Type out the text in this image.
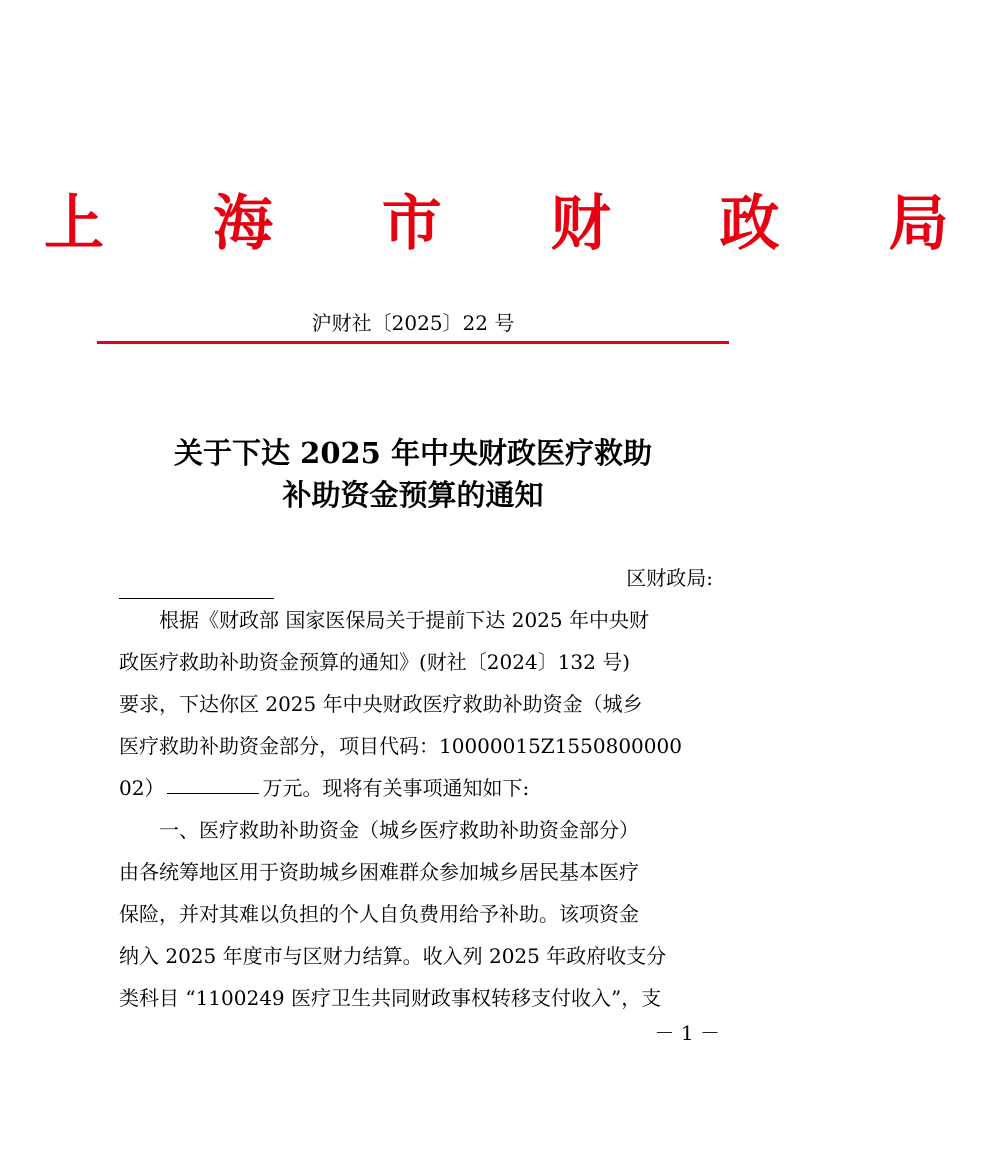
上 海 市 财 政 局
沪财社〔2025〕22 号
关于下达 2025 年中央财政医疗救助
补助资金预算的通知
区财政局:
根据《财政部 国家医保局关于提前下达 2025 年中央财
政医疗救助补助资金预算的通知》(财社〔2024〕132 号)
要求，下达你区 2025 年中央财政医疗救助补助资金（城乡
医疗救助补助资金部分，项目代码：10000015Z1550800000
02）	万元。现将有关事项通知如下:
一、医疗救助补助资金（城乡医疗救助补助资金部分）
由各统筹地区用于资助城乡困难群众参加城乡居民基本医疗
保险，并对其难以负担的个人自负费用给予补助。该项资金
纳入 2025 年度市与区财力结算。收入列 2025 年政府收支分
类科目 “1100249 医疗卫生共同财政事权转移支付收入”，支
－ 1 －
